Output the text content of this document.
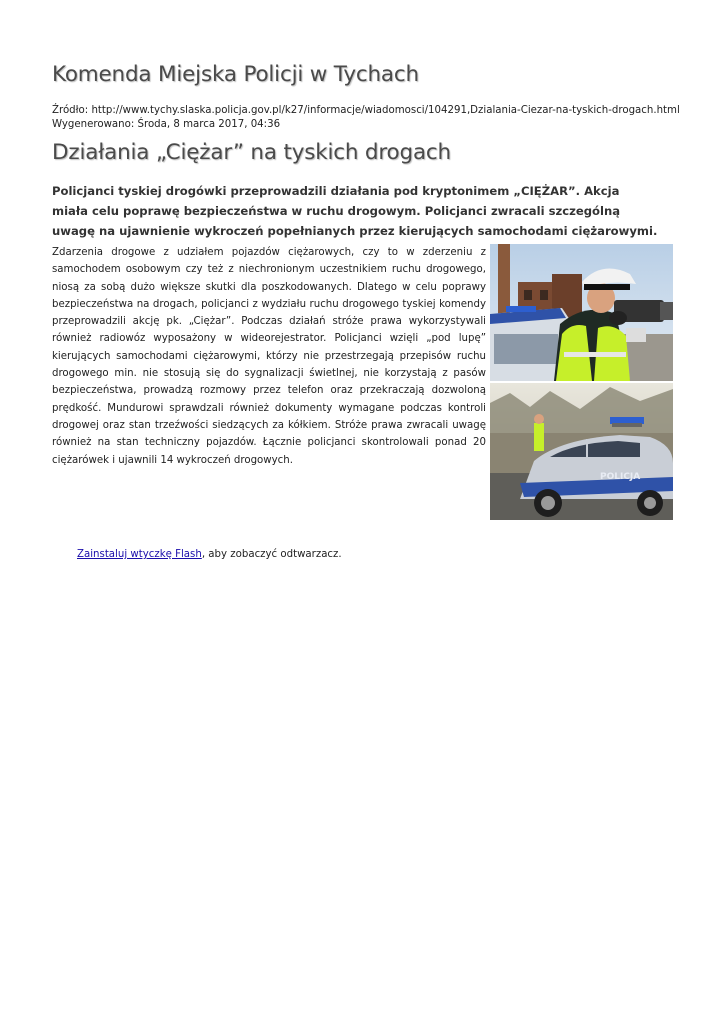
Komenda Miejska Policji w Tychach
Źródło: http://www.tychy.slaska.policja.gov.pl/k27/informacje/wiadomosci/104291,Dzialania-Ciezar-na-tyskich-drogach.html
Wygenerowano: Środa, 8 marca 2017, 04:36
Działania „Ciężar” na tyskich drogach

Policjanci tyskiej drogówki przeprowadzili działania pod kryptonimem „CIĘŻAR”. Akcja miała celu poprawę bezpieczeństwa w ruchu drogowym. Policjanci zwracali szczególną uwagę na ujawnienie wykroczeń popełnianych przez kierujących samochodami ciężarowymi.

Zdarzenia drogowe z udziałem pojazdów ciężarowych, czy to w zderzeniu z samochodem osobowym czy też z niechronionym uczestnikiem ruchu drogowego, niosą za sobą dużo większe skutki dla poszkodowanych. Dlatego w celu poprawy bezpieczeństwa na drogach, policjanci z wydziału ruchu drogowego tyskiej komendy przeprowadzili akcję pk. „Ciężar”. Podczas działań stróże prawa wykorzystywali również radiowóz wyposażony w wideorejestrator. Policjanci wzięli „pod lupę” kierujących samochodami ciężarowymi, którzy nie przestrzegają przepisów ruchu drogowego min. nie stosują się do sygnalizacji świetlnej, nie korzystają z pasów bezpieczeństwa, prowadzą rozmowy przez telefon oraz przekraczają dozwoloną prędkość. Mundurowi sprawdzali również dokumenty wymagane podczas kontroli drogowej oraz stan trzeźwości siedzących za kółkiem. Stróże prawa zwracali uwagę również na stan techniczny pojazdów. Łącznie policjanci skontrolowali ponad 20 ciężarówek i ujawnili 14 wykroczeń drogowych.

POLICJA
Zainstaluj wtyczkę Flash, aby zobaczyć odtwarzacz.
